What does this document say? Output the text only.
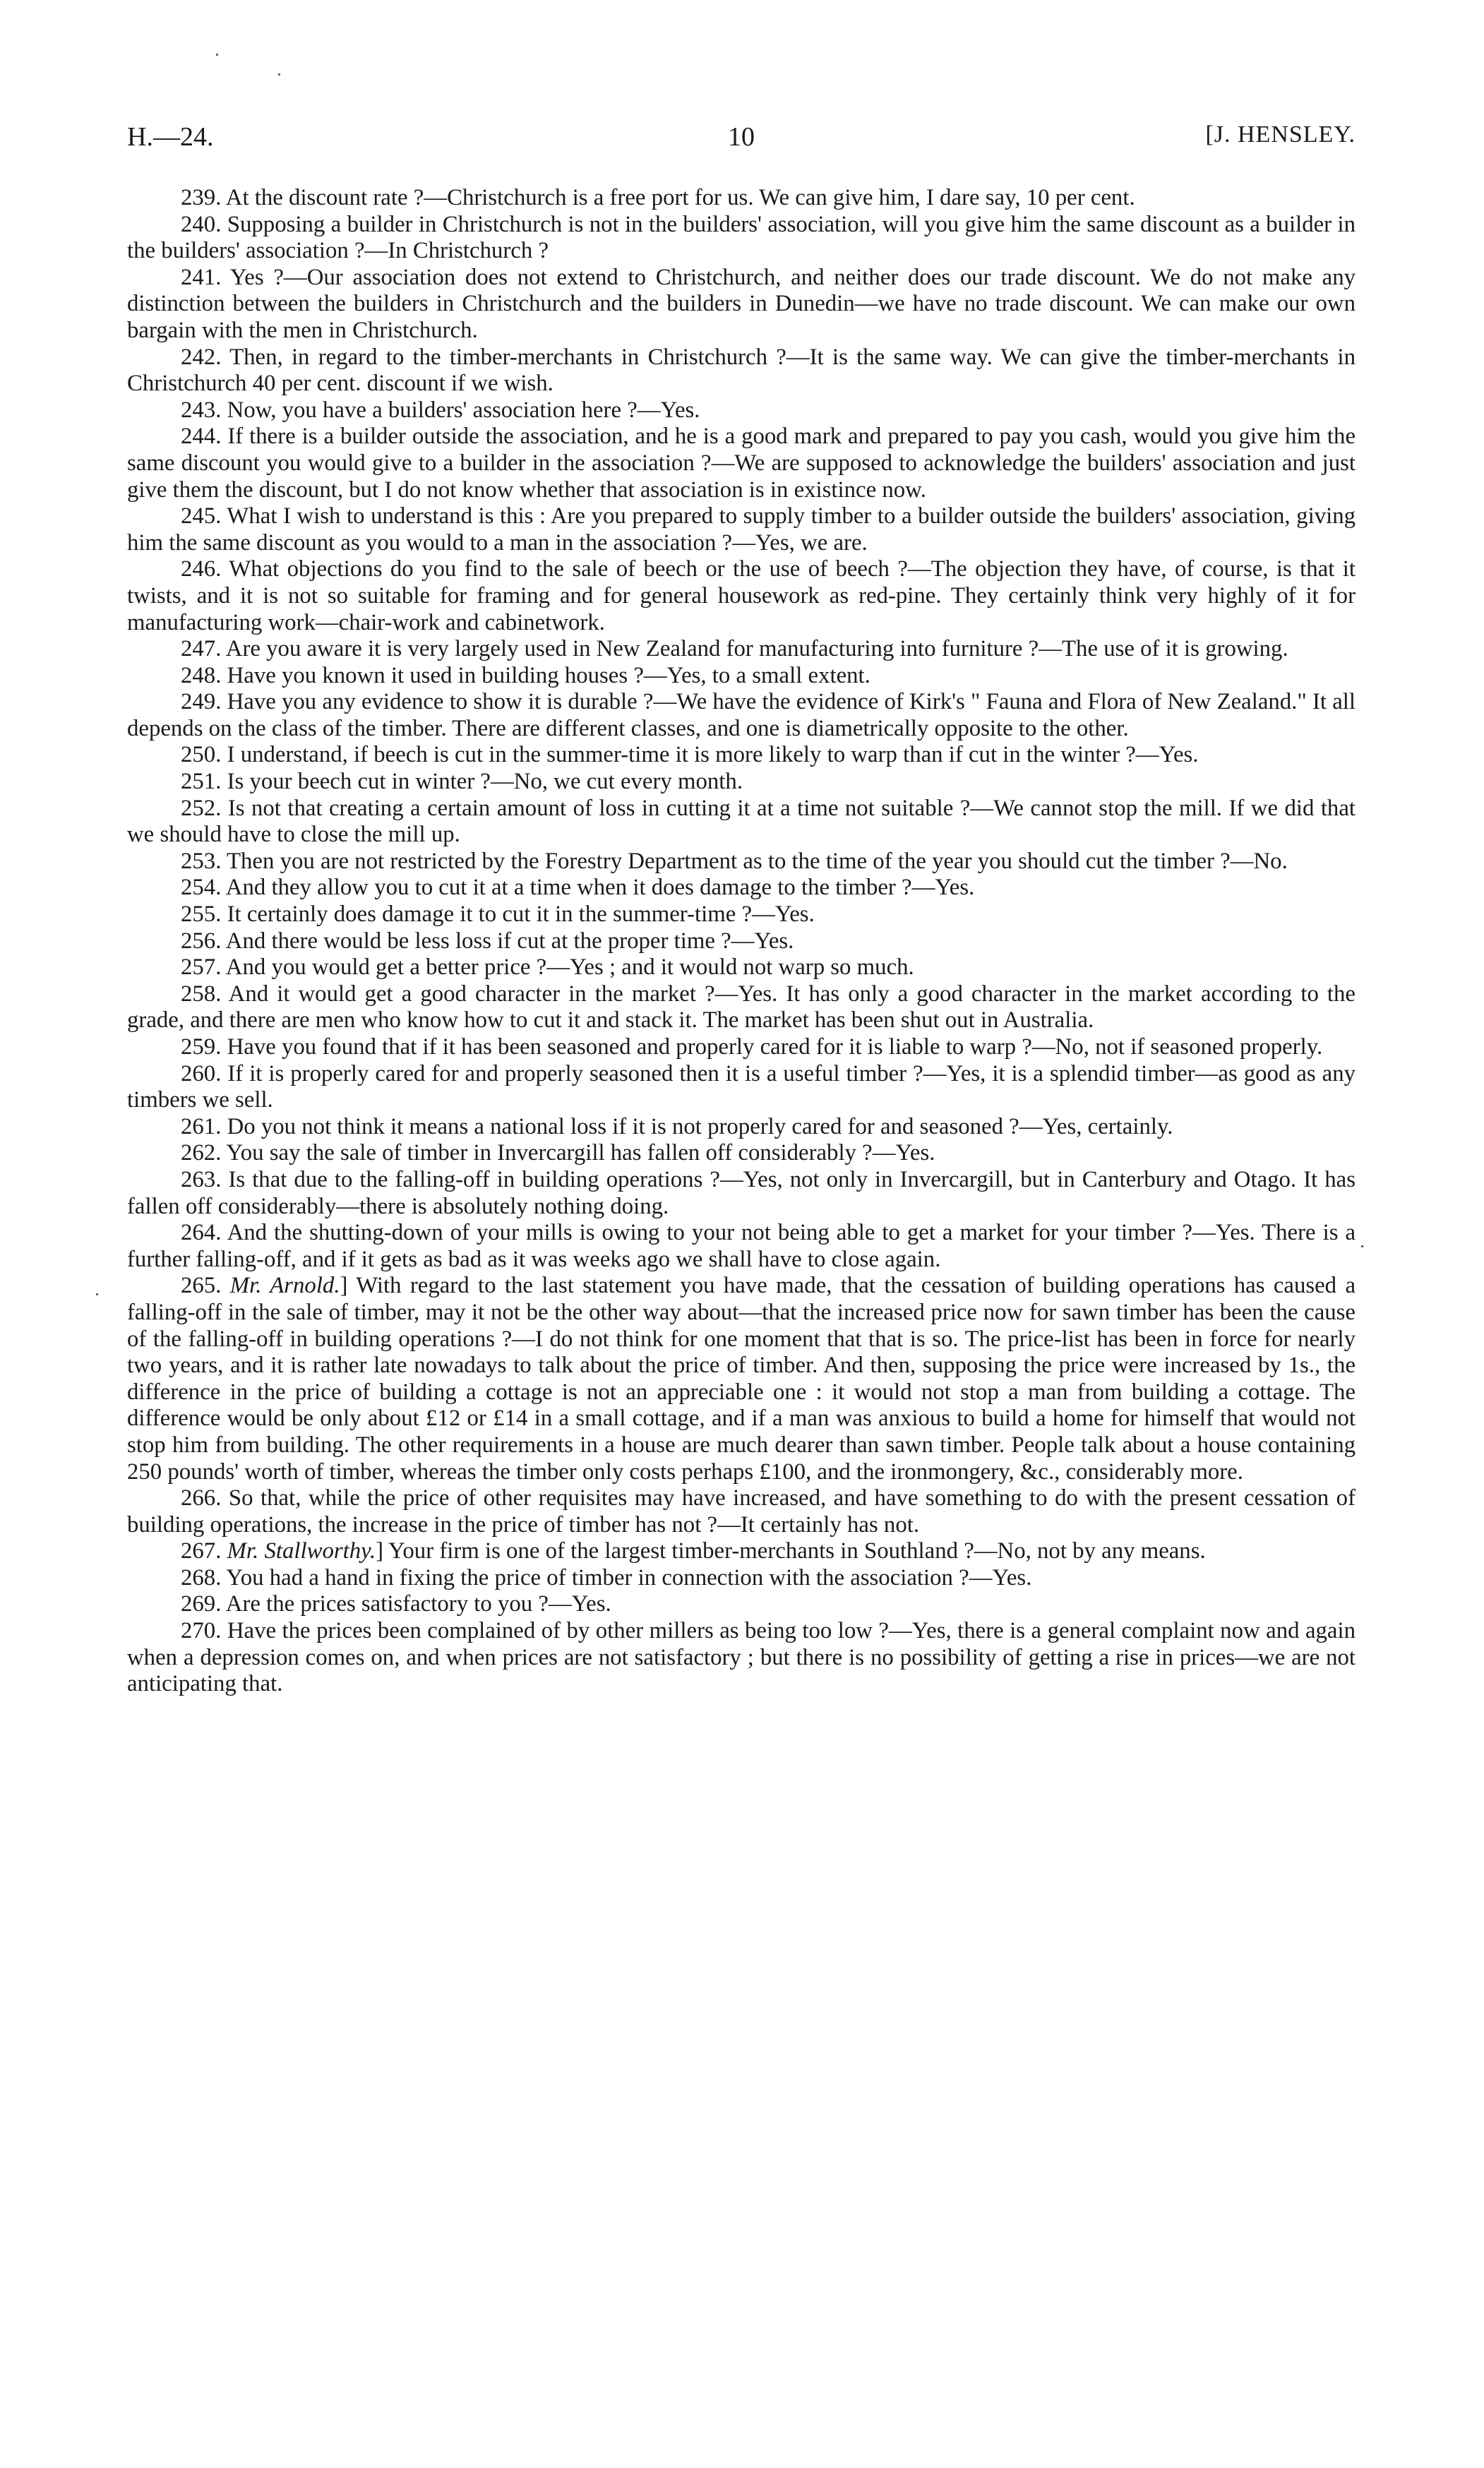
H.—24.	10	[J. HENSLEY.

239. At the discount rate ?—Christchurch is a free port for us. We can give him, I dare say, 10 per cent.

240. Supposing a builder in Christchurch is not in the builders' association, will you give him the same discount as a builder in the builders' association ?—In Christchurch ?

241. Yes ?—Our association does not extend to Christchurch, and neither does our trade discount. We do not make any distinction between the builders in Christchurch and the builders in Dunedin—we have no trade discount. We can make our own bargain with the men in Christchurch.

242. Then, in regard to the timber-merchants in Christchurch ?—It is the same way. We can give the timber-merchants in Christchurch 40 per cent. discount if we wish.

243. Now, you have a builders' association here ?—Yes.

244. If there is a builder outside the association, and he is a good mark and prepared to pay you cash, would you give him the same discount you would give to a builder in the association ?—We are supposed to acknowledge the builders' association and just give them the discount, but I do not know whether that association is in existince now.

245. What I wish to understand is this : Are you prepared to supply timber to a builder outside the builders' association, giving him the same discount as you would to a man in the association ?—Yes, we are.

246. What objections do you find to the sale of beech or the use of beech ?—The objection they have, of course, is that it twists, and it is not so suitable for framing and for general housework as red-pine. They certainly think very highly of it for manufacturing work—chair-work and cabinetwork.

247. Are you aware it is very largely used in New Zealand for manufacturing into furniture ?—The use of it is growing.

248. Have you known it used in building houses ?—Yes, to a small extent.

249. Have you any evidence to show it is durable ?—We have the evidence of Kirk's " Fauna and Flora of New Zealand." It all depends on the class of the timber. There are different classes, and one is diametrically opposite to the other.

250. I understand, if beech is cut in the summer-time it is more likely to warp than if cut in the winter ?—Yes.

251. Is your beech cut in winter ?—No, we cut every month.

252. Is not that creating a certain amount of loss in cutting it at a time not suitable ?—We cannot stop the mill. If we did that we should have to close the mill up.

253. Then you are not restricted by the Forestry Department as to the time of the year you should cut the timber ?—No.

254. And they allow you to cut it at a time when it does damage to the timber ?—Yes.

255. It certainly does damage it to cut it in the summer-time ?—Yes.

256. And there would be less loss if cut at the proper time ?—Yes.

257. And you would get a better price ?—Yes ; and it would not warp so much.

258. And it would get a good character in the market ?—Yes. It has only a good character in the market according to the grade, and there are men who know how to cut it and stack it. The market has been shut out in Australia.

259. Have you found that if it has been seasoned and properly cared for it is liable to warp ?—No, not if seasoned properly.

260. If it is properly cared for and properly seasoned then it is a useful timber ?—Yes, it is a splendid timber—as good as any timbers we sell.

261. Do you not think it means a national loss if it is not properly cared for and seasoned ?—Yes, certainly.

262. You say the sale of timber in Invercargill has fallen off considerably ?—Yes.

263. Is that due to the falling-off in building operations ?—Yes, not only in Invercargill, but in Canterbury and Otago. It has fallen off considerably—there is absolutely nothing doing.

264. And the shutting-down of your mills is owing to your not being able to get a market for your timber ?—Yes. There is a further falling-off, and if it gets as bad as it was weeks ago we shall have to close again.

265. Mr. Arnold.] With regard to the last statement you have made, that the cessation of building operations has caused a falling-off in the sale of timber, may it not be the other way about—that the increased price now for sawn timber has been the cause of the falling-off in building operations ?—I do not think for one moment that that is so. The price-list has been in force for nearly two years, and it is rather late nowadays to talk about the price of timber. And then, supposing the price were increased by 1s., the difference in the price of building a cottage is not an appreciable one : it would not stop a man from building a cottage. The difference would be only about £12 or £14 in a small cottage, and if a man was anxious to build a home for himself that would not stop him from building. The other requirements in a house are much dearer than sawn timber. People talk about a house containing 250 pounds' worth of timber, whereas the timber only costs perhaps £100, and the ironmongery, &c., considerably more.

266. So that, while the price of other requisites may have increased, and have something to do with the present cessation of building operations, the increase in the price of timber has not ?—It certainly has not.

267. Mr. Stallworthy.] Your firm is one of the largest timber-merchants in Southland ?—No, not by any means.

268. You had a hand in fixing the price of timber in connection with the association ?—Yes.

269. Are the prices satisfactory to you ?—Yes.

270. Have the prices been complained of by other millers as being too low ?—Yes, there is a general complaint now and again when a depression comes on, and when prices are not satisfactory ; but there is no possibility of getting a rise in prices—we are not anticipating that.
